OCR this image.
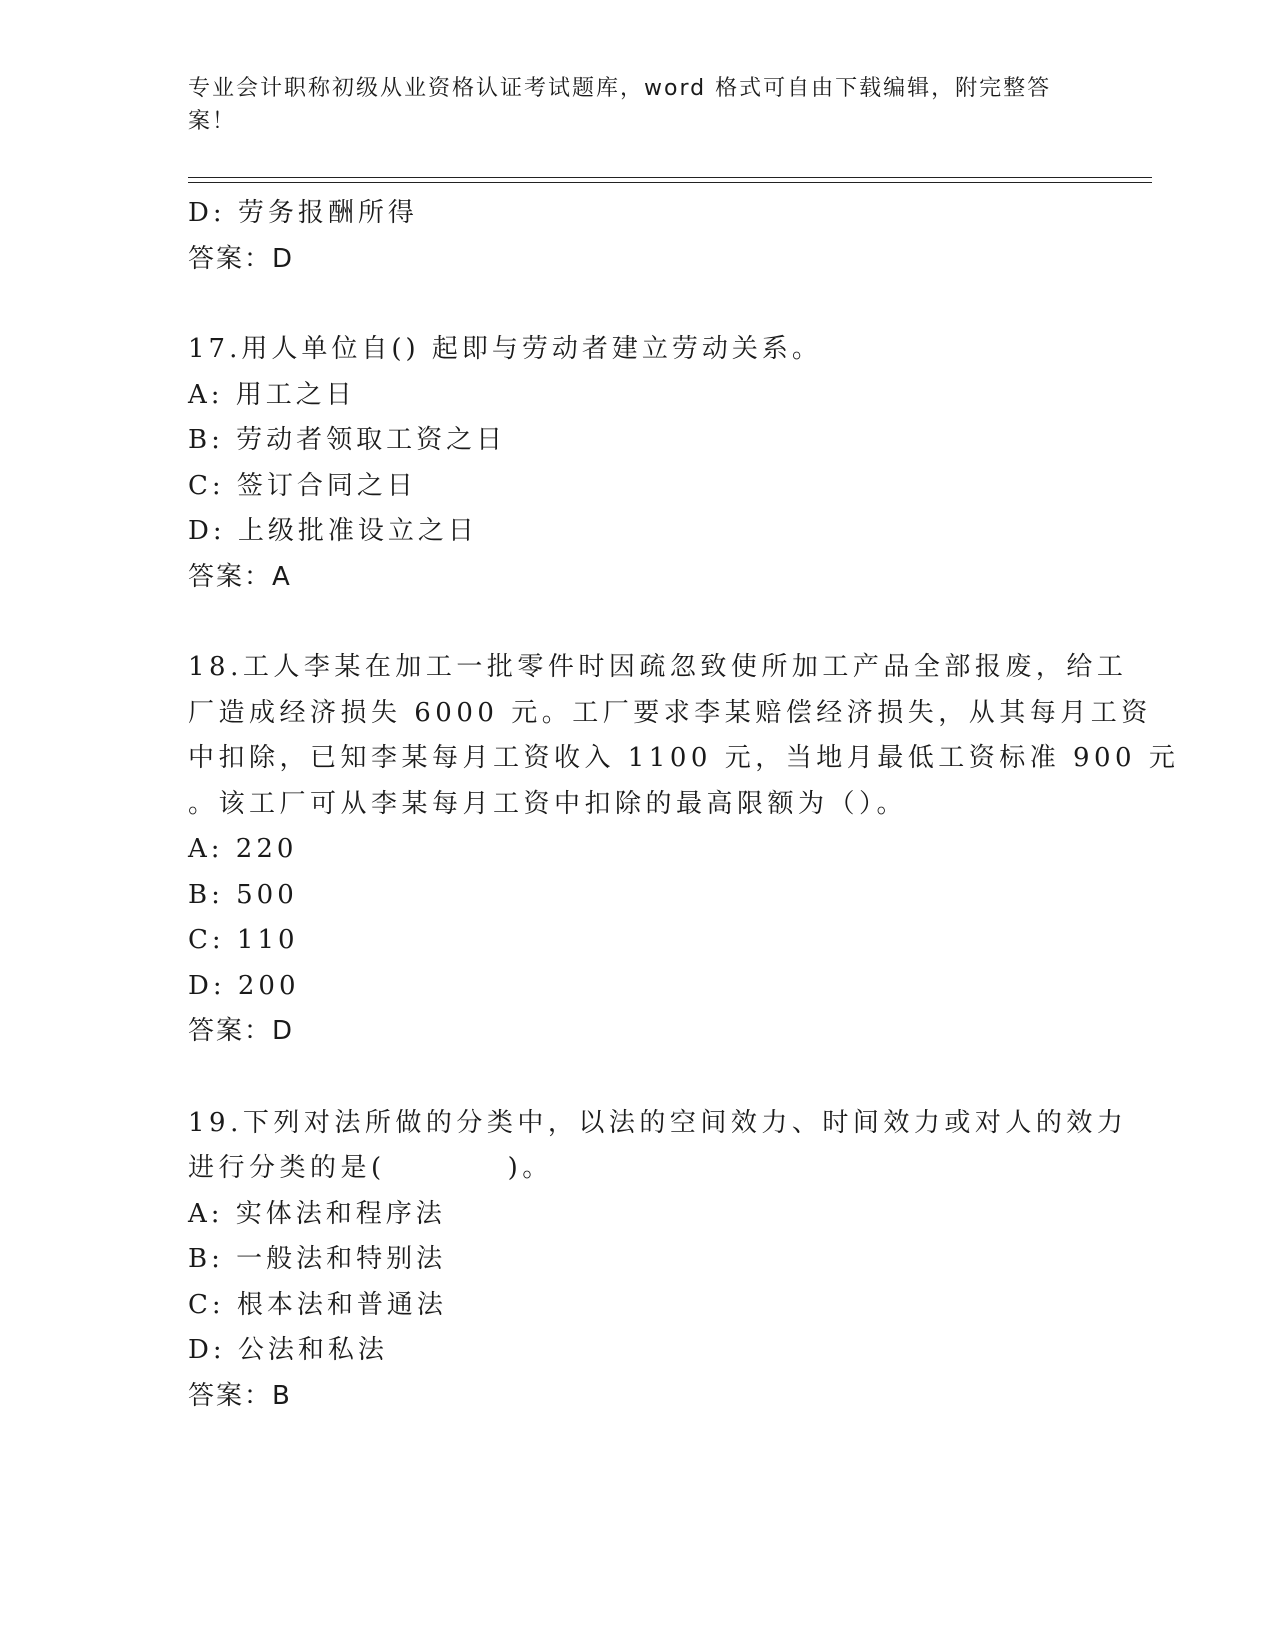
专业会计职称初级从业资格认证考试题库，word 格式可自由下载编辑，附完整答
案！
D: 劳务报酬所得
答案：D
17.用人单位自() 起即与劳动者建立劳动关系。
A: 用工之日
B: 劳动者领取工资之日
C: 签订合同之日
D: 上级批准设立之日
答案：A
18.工人李某在加工一批零件时因疏忽致使所加工产品全部报废，给工
厂造成经济损失 6000 元。工厂要求李某赔偿经济损失，从其每月工资
中扣除，已知李某每月工资收入 1100 元，当地月最低工资标准 900 元
。该工厂可从李某每月工资中扣除的最高限额为（）。
A: 220
B: 500
C: 110
D: 200
答案：D
19.下列对法所做的分类中，以法的空间效力、时间效力或对人的效力
进行分类的是(　　　　)。
A: 实体法和程序法
B: 一般法和特别法
C: 根本法和普通法
D: 公法和私法
答案：B
